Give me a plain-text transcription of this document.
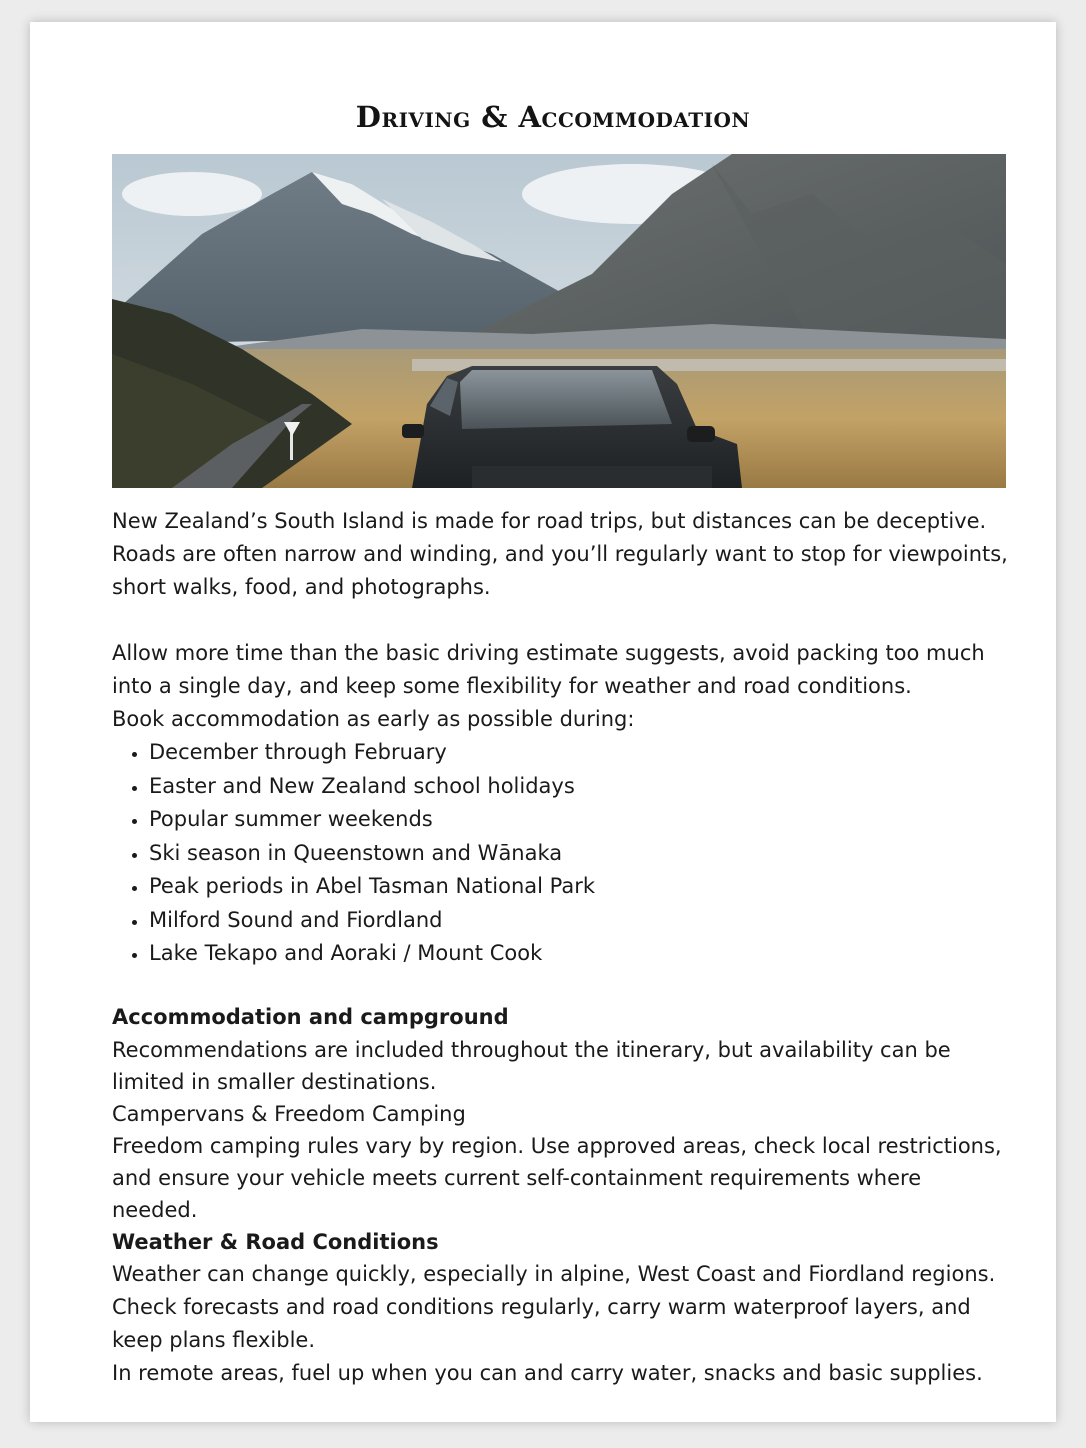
Driving & Accommodation

New Zealand’s South Island is made for road trips, but distances can be deceptive. Roads are often narrow and winding, and you’ll regularly want to stop for viewpoints, short walks, food, and photographs.

Allow more time than the basic driving estimate suggests, avoid packing too much into a single day, and keep some flexibility for weather and road conditions.

Book accommodation as early as possible during:

• December through February
• Easter and New Zealand school holidays
• Popular summer weekends
• Ski season in Queenstown and Wānaka
• Peak periods in Abel Tasman National Park
• Milford Sound and Fiordland
• Lake Tekapo and Aoraki / Mount Cook

Accommodation and campground

Recommendations are included throughout the itinerary, but availability can be limited in smaller destinations.

Campervans & Freedom Camping

Freedom camping rules vary by region. Use approved areas, check local restrictions, and ensure your vehicle meets current self-containment requirements where needed.

Weather & Road Conditions

Weather can change quickly, especially in alpine, West Coast and Fiordland regions. Check forecasts and road conditions regularly, carry warm waterproof layers, and keep plans flexible.

In remote areas, fuel up when you can and carry water, snacks and basic supplies.
